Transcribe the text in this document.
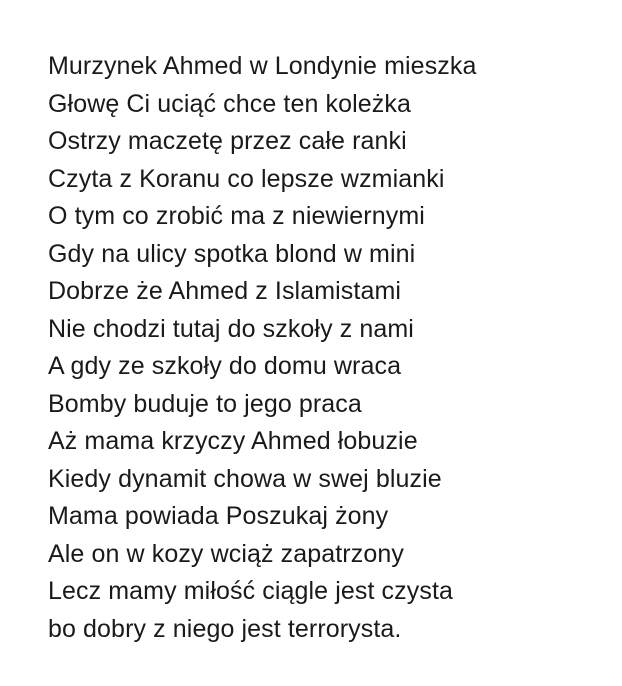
Murzynek Ahmed w Londynie mieszka
Głowę Ci uciąć chce ten koleżka
Ostrzy maczetę przez całe ranki
Czyta z Koranu co lepsze wzmianki
O tym co zrobić ma z niewiernymi
Gdy na ulicy spotka blond w mini
Dobrze że Ahmed z Islamistami
Nie chodzi tutaj do szkoły z nami
A gdy ze szkoły do domu wraca
Bomby buduje to jego praca
Aż mama krzyczy Ahmed łobuzie
Kiedy dynamit chowa w swej bluzie
Mama powiada Poszukaj żony
Ale on w kozy wciąż zapatrzony
Lecz mamy miłość ciągle jest czysta
bo dobry z niego jest terrorysta.
